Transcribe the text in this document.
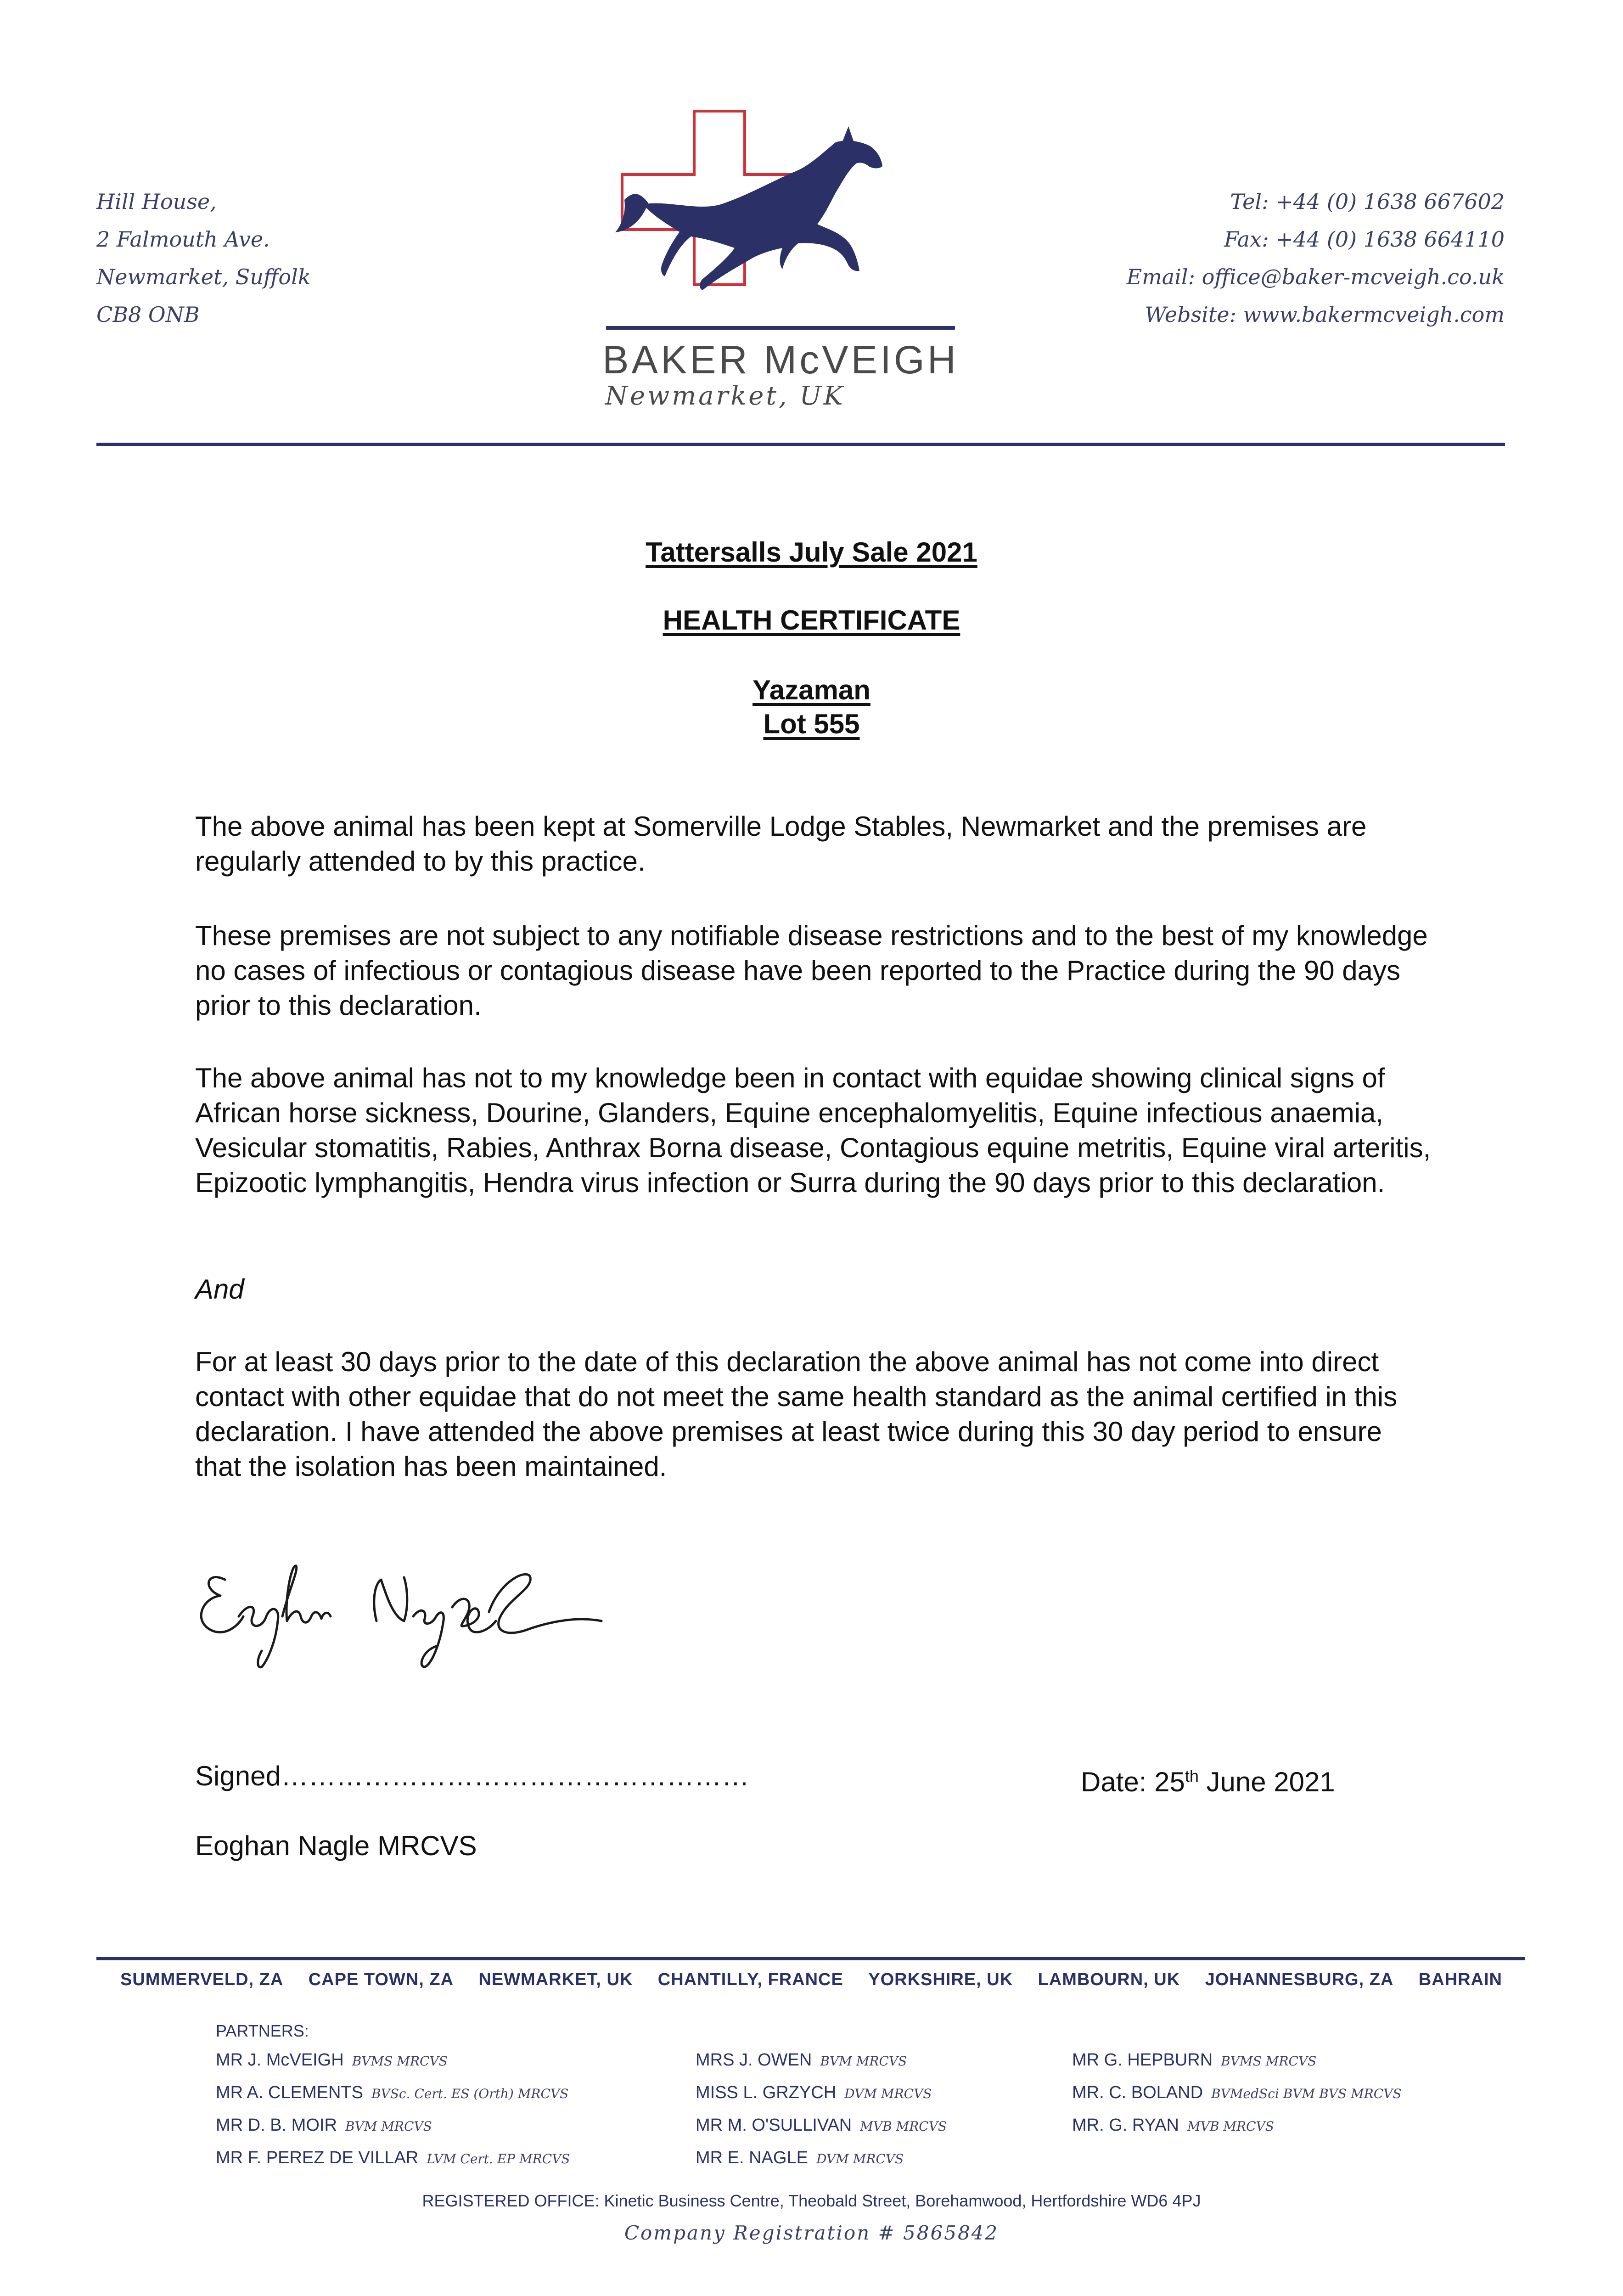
Hill House,
2 Falmouth Ave.
Newmarket, Suffolk
CB8 ONB
BAKER McVEIGH
Newmarket, UK
Tel: +44 (0) 1638 667602
Fax: +44 (0) 1638 664110
Email: office@baker-mcveigh.co.uk
Website: www.bakermcveigh.com
Tattersalls July Sale 2021
HEALTH CERTIFICATE
Yazaman
Lot 555

The above animal has been kept at Somerville Lodge Stables, Newmarket and the premises are regularly attended to by this practice.

These premises are not subject to any notifiable disease restrictions and to the best of my knowledge no cases of infectious or contagious disease have been reported to the Practice during the 90 days prior to this declaration.

The above animal has not to my knowledge been in contact with equidae showing clinical signs of African horse sickness, Dourine, Glanders, Equine encephalomyelitis, Equine infectious anaemia, Vesicular stomatitis, Rabies, Anthrax Borna disease, Contagious equine metritis, Equine viral arteritis, Epizootic lymphangitis, Hendra virus infection or Surra during the 90 days prior to this declaration.

And

For at least 30 days prior to the date of this declaration the above animal has not come into direct contact with other equidae that do not meet the same health standard as the animal certified in this declaration. I have attended the above premises at least twice during this 30 day period to ensure that the isolation has been maintained.

Signed……………………………………………	Date: 25th June 2021
Eoghan Nagle MRCVS
SUMMERVELD, ZA CAPE TOWN, ZA NEWMARKET, UK CHANTILLY, FRANCE YORKSHIRE, UK LAMBOURN, UK JOHANNESBURG, ZA BAHRAIN
PARTNERS:
MR J. McVEIGH BVMS MRCVS
MR A. CLEMENTS BVSc. Cert. ES (Orth) MRCVS
MR D. B. MOIR BVM MRCVS
MR F. PEREZ DE VILLAR LVM Cert. EP MRCVS
MRS J. OWEN BVM MRCVS
MISS L. GRZYCH DVM MRCVS
MR M. O'SULLIVAN MVB MRCVS
MR E. NAGLE DVM MRCVS
MR G. HEPBURN BVMS MRCVS
MR. C. BOLAND BVMedSci BVM BVS MRCVS
MR. G. RYAN MVB MRCVS
REGISTERED OFFICE: Kinetic Business Centre, Theobald Street, Borehamwood, Hertfordshire WD6 4PJ
Company Registration # 5865842
